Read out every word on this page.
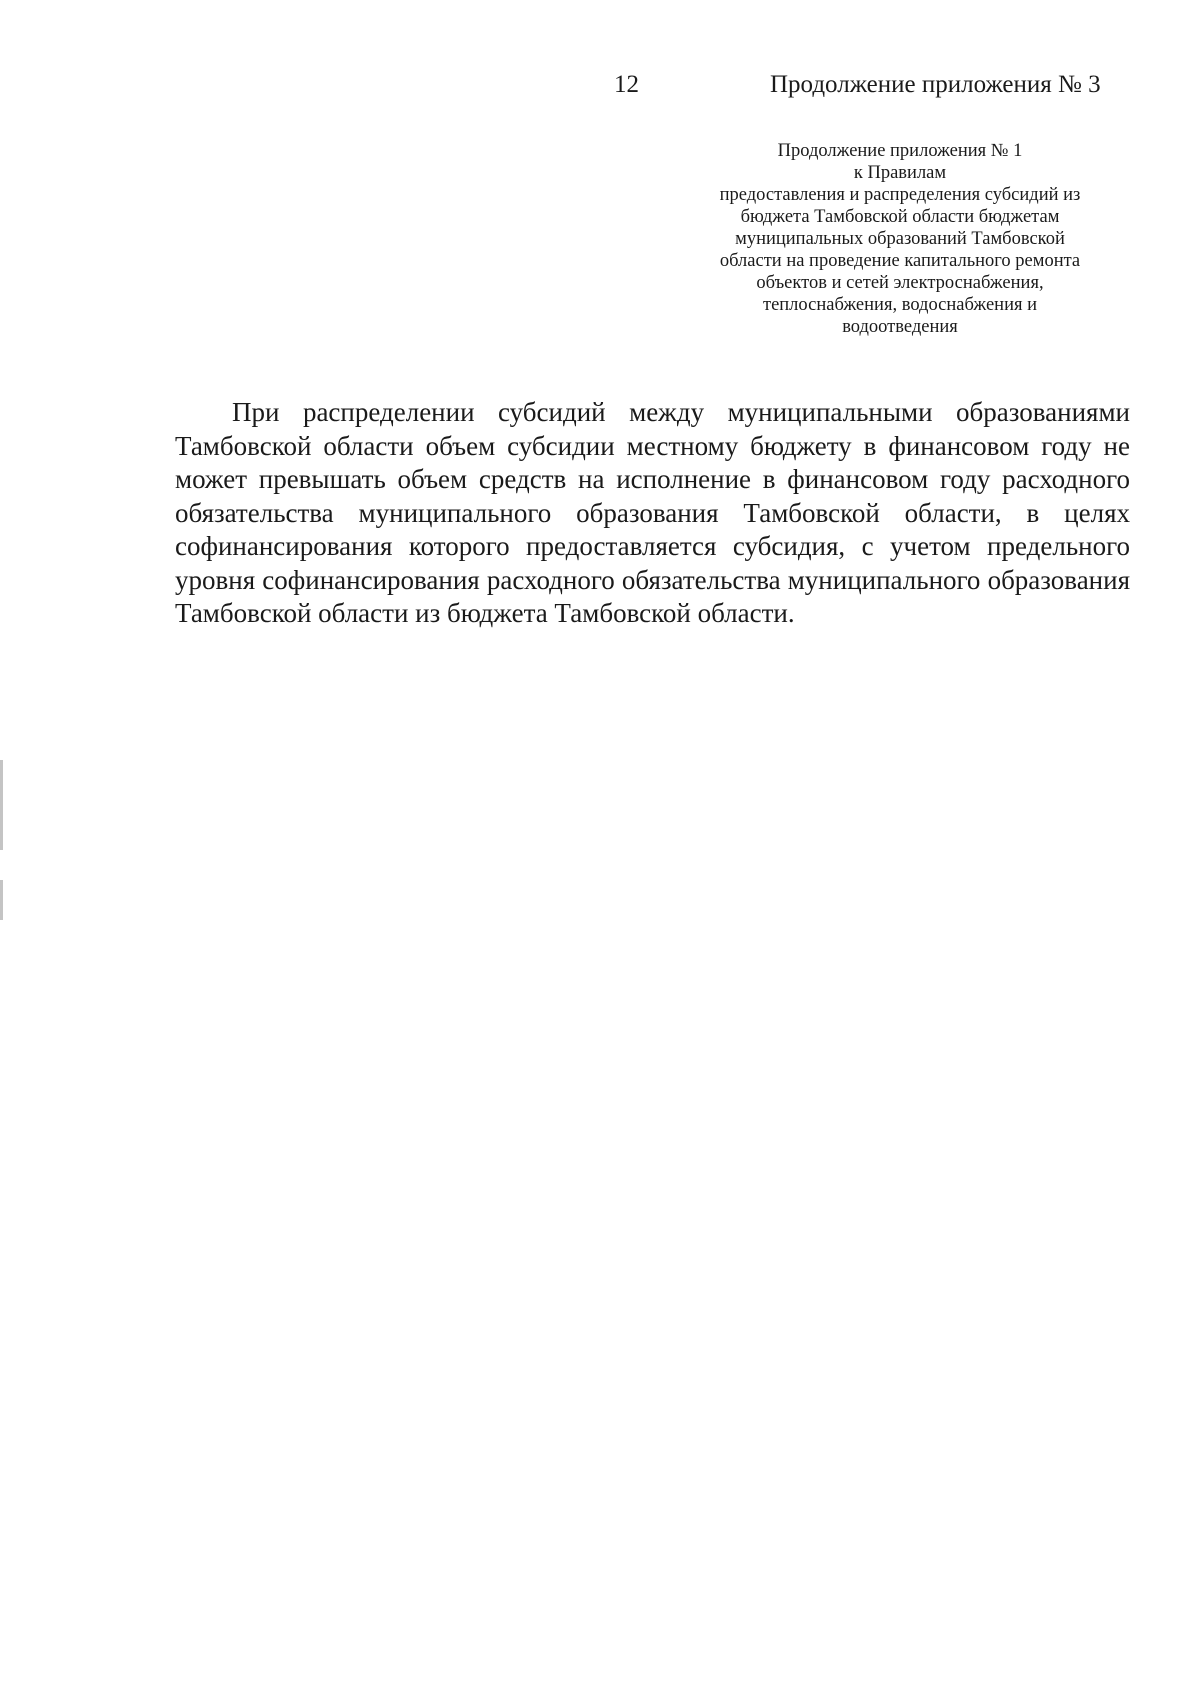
12	Продолжение приложения № 3
Продолжение приложения № 1
к Правилам
предоставления и распределения субсидий из
бюджета Тамбовской области бюджетам
муниципальных образований Тамбовской
области на проведение капитального ремонта
объектов и сетей электроснабжения,
теплоснабжения, водоснабжения и
водоотведения

При распределении субсидий между муниципальными образованиями Тамбовской области объем субсидии местному бюджету в финансовом году не может превышать объем средств на исполнение в финансовом году расходного обязательства муниципального образования Тамбовской области, в целях софинансирования которого предоставляется субсидия, с учетом предельного уровня софинансирования расходного обязательства муниципального образования Тамбовской области из бюджета Тамбовской области.
